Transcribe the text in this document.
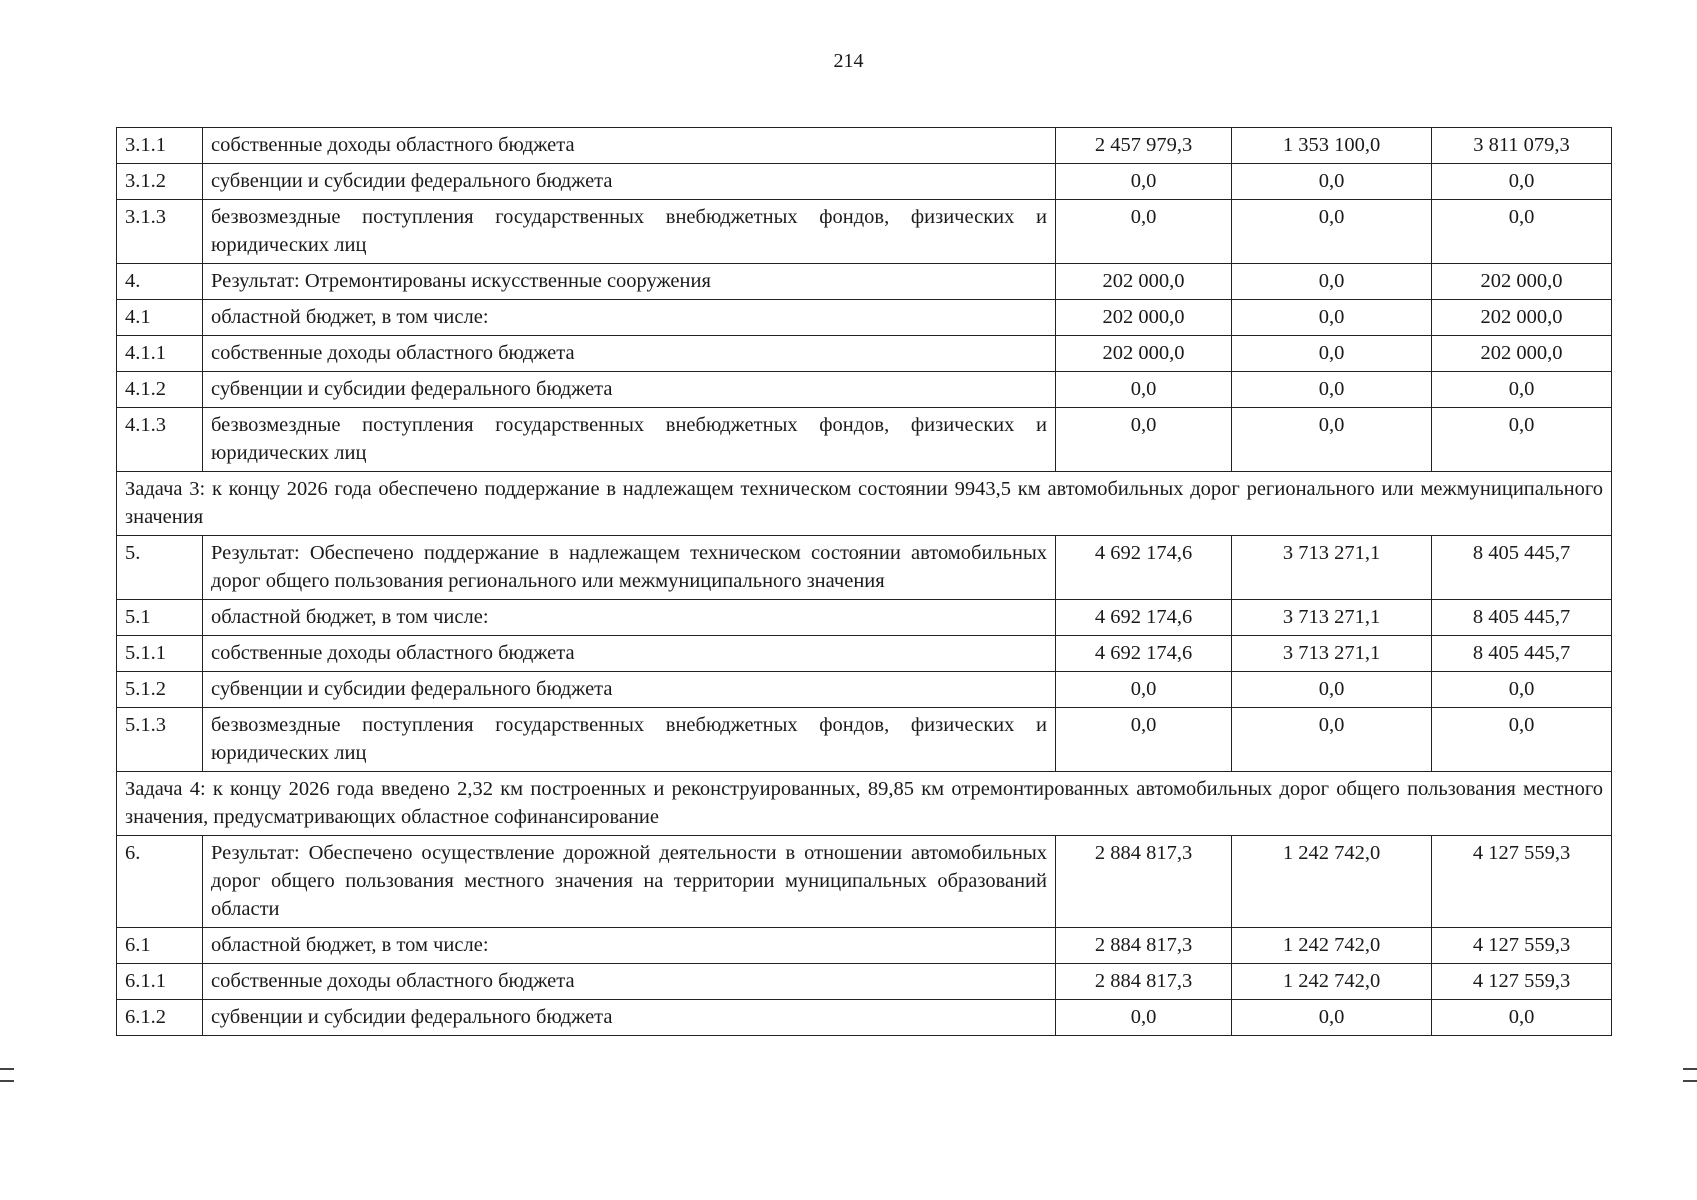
214
3.1.1	собственные доходы областного бюджета	2 457 979,3	1 353 100,0	3 811 079,3
3.1.2	субвенции и субсидии федерального бюджета	0,0	0,0	0,0
3.1.3	безвозмездные поступления государственных внебюджетных фондов, физических и юридических лиц	0,0	0,0	0,0
4.	Результат: Отремонтированы искусственные сооружения	202 000,0	0,0	202 000,0
4.1	областной бюджет, в том числе:	202 000,0	0,0	202 000,0
4.1.1	собственные доходы областного бюджета	202 000,0	0,0	202 000,0
4.1.2	субвенции и субсидии федерального бюджета	0,0	0,0	0,0
4.1.3	безвозмездные поступления государственных внебюджетных фондов, физических и юридических лиц	0,0	0,0	0,0
Задача 3: к концу 2026 года обеспечено поддержание в надлежащем техническом состоянии 9943,5 км автомобильных дорог регионального или межмуниципального значения				
5.	Результат: Обеспечено поддержание в надлежащем техническом состоянии автомобильных дорог общего пользования регионального или межмуниципального значения	4 692 174,6	3 713 271,1	8 405 445,7
5.1	областной бюджет, в том числе:	4 692 174,6	3 713 271,1	8 405 445,7
5.1.1	собственные доходы областного бюджета	4 692 174,6	3 713 271,1	8 405 445,7
5.1.2	субвенции и субсидии федерального бюджета	0,0	0,0	0,0
5.1.3	безвозмездные поступления государственных внебюджетных фондов, физических и юридических лиц	0,0	0,0	0,0
Задача 4: к концу 2026 года введено 2,32 км построенных и реконструированных, 89,85 км отремонтированных автомобильных дорог общего пользования местного значения, предусматривающих областное софинансирование				
6.	Результат: Обеспечено осуществление дорожной деятельности в отношении автомобильных дорог общего пользования местного значения на территории муниципальных образований области	2 884 817,3	1 242 742,0	4 127 559,3
6.1	областной бюджет, в том числе:	2 884 817,3	1 242 742,0	4 127 559,3
6.1.1	собственные доходы областного бюджета	2 884 817,3	1 242 742,0	4 127 559,3
6.1.2	субвенции и субсидии федерального бюджета	0,0	0,0	0,0
